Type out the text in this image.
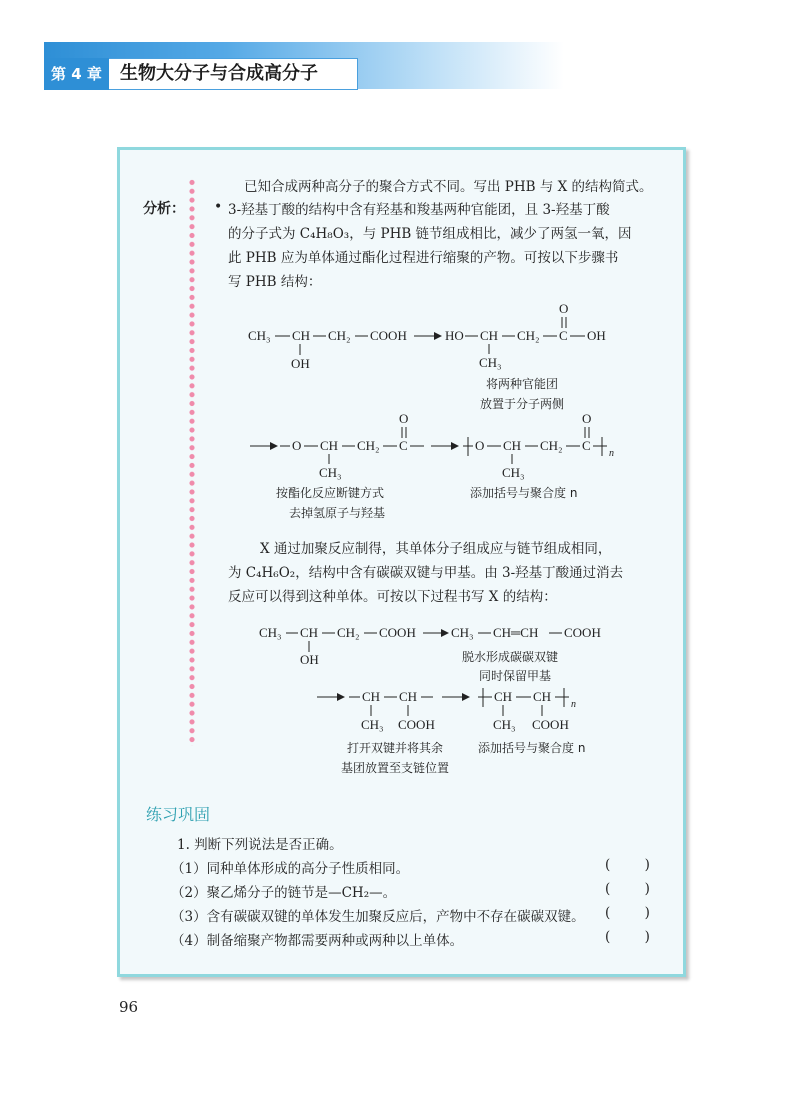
第 4 章	生物大分子与合成高分子
已知合成两种高分子的聚合方式不同。写出 PHB 与 X 的结构简式。
分析： • 3-羟基丁酸的结构中含有羟基和羧基两种官能团，且 3-羟基丁酸
的分子式为 C₄H₈O₃，与 PHB 链节组成相比，减少了两氢一氧，因
此 PHB 应为单体通过酯化过程进行缩聚的产物。可按以下步骤书
写 PHB 结构：
CH₃ CH
OH
CH₂ COOH	HO CH
CH₃
CH₂ C
O
OH
O CH
CH₃
CH₂ C
O
O CH
CH₃
CH₂ C
O
n
将两种官能团
放置于分子两侧
按酯化反应断键方式
去掉氢原子与羟基
添加括号与聚合度 n
X 通过加聚反应制得，其单体分子组成应与链节组成相同，
为 C₄H₆O₂，结构中含有碳碳双键与甲基。由 3-羟基丁酸通过消去
反应可以得到这种单体。可按以下过程书写 X 的结构：
CH₃ CH
OH
CH₂ COOH	CH₃ CH═CH COOH
CH
CH₃
CH
COOH
CH
CH₃
CH
COOH
n
脱水形成碳碳双键
同时保留甲基
打开双键并将其余
基团放置至支链位置
添加括号与聚合度 n
练习巩固
1. 判断下列说法是否正确。
（1）同种单体形成的高分子性质相同。	(        )
（2）聚乙烯分子的链节是—CH₂—。	(        )
（3）含有碳碳双键的单体发生加聚反应后，产物中不存在碳碳双键。	(        )
（4）制备缩聚产物都需要两种或两种以上单体。	(        )
96
